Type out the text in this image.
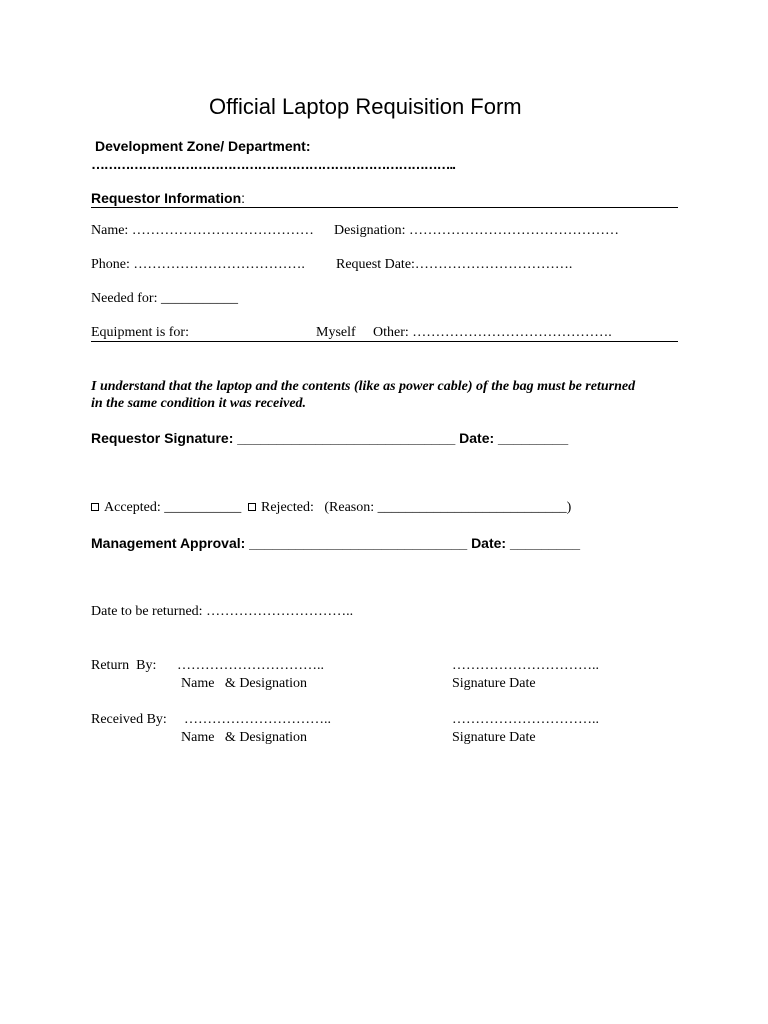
Official Laptop Requisition Form
Development Zone/ Department:
…………………………………………………………………………..
Requestor Information:
Name: ………………………………… Designation: ………………………………………
Phone: ………………………………. Request Date:…………………………….
Needed for: ___________
Equipment is for:	Myself Other: …………………………………….
I understand that the laptop and the contents (like as power cable) of the bag must be returned
in the same condition it was received.
Requestor Signature: ____________________________ Date: _________
Accepted: ___________	Rejected:   (Reason: ___________________________)
Management Approval: ____________________________ Date: _________
Date to be returned: …………………………..
Return  By: …………………………..	…………………………..
Name   & Designation	Signature Date
Received By: …………………………..	…………………………..
Name   & Designation	Signature Date
